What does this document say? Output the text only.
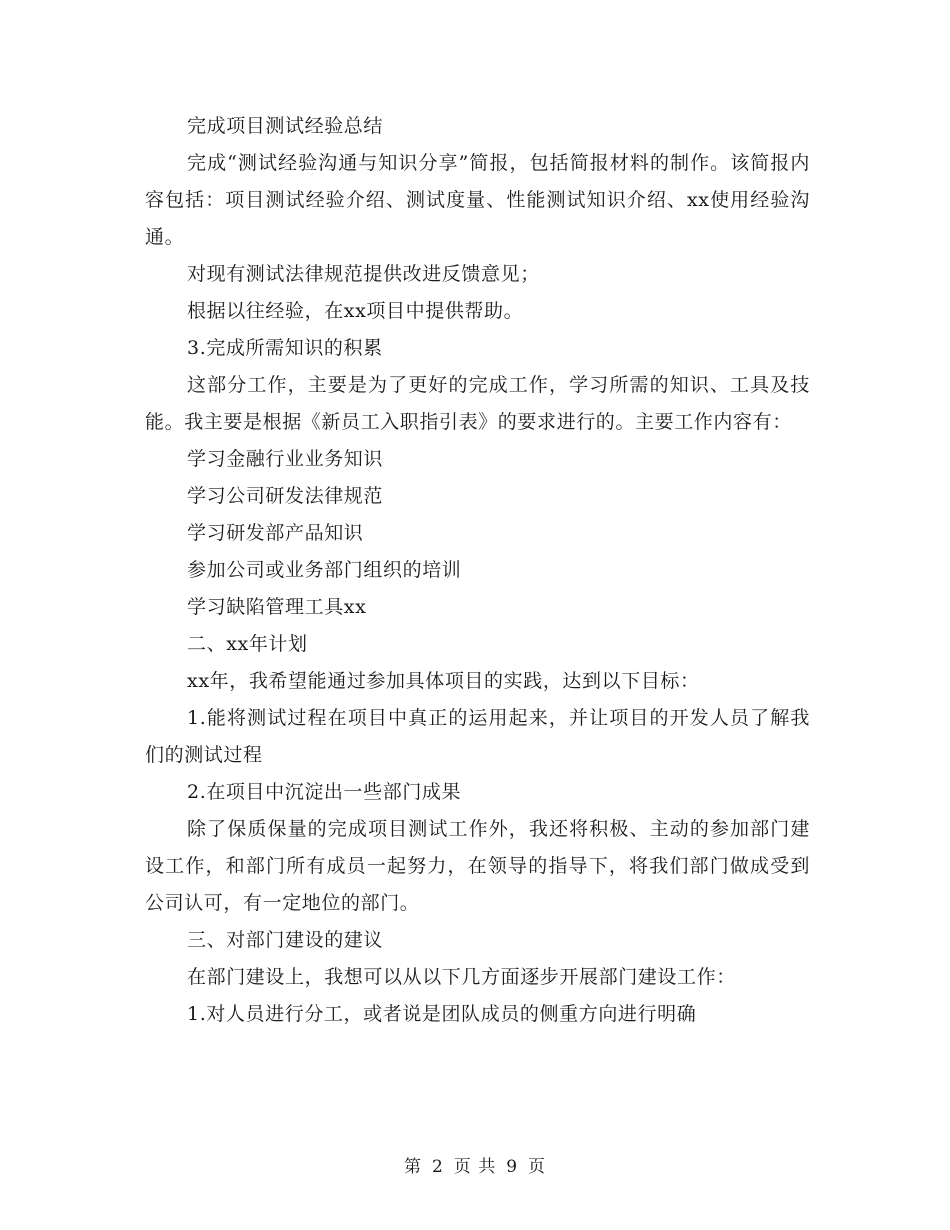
完成项目测试经验总结

完成“测试经验沟通与知识分享”简报，包括简报材料的制作。该简报内容包括：项目测试经验介绍、测试度量、性能测试知识介绍、xx使用经验沟通。

对现有测试法律规范提供改进反馈意见；

根据以往经验，在xx项目中提供帮助。

3.完成所需知识的积累

这部分工作，主要是为了更好的完成工作，学习所需的知识、工具及技能。我主要是根据《新员工入职指引表》的要求进行的。主要工作内容有：

学习金融行业业务知识

学习公司研发法律规范

学习研发部产品知识

参加公司或业务部门组织的培训

学习缺陷管理工具xx

二、xx年计划

xx年，我希望能通过参加具体项目的实践，达到以下目标：

1.能将测试过程在项目中真正的运用起来，并让项目的开发人员了解我们的测试过程

2.在项目中沉淀出一些部门成果

除了保质保量的完成项目测试工作外，我还将积极、主动的参加部门建设工作，和部门所有成员一起努力，在领导的指导下，将我们部门做成受到公司认可，有一定地位的部门。

三、对部门建设的建议

在部门建设上，我想可以从以下几方面逐步开展部门建设工作：

1.对人员进行分工，或者说是团队成员的侧重方向进行明确

第 2 页 共 9 页
